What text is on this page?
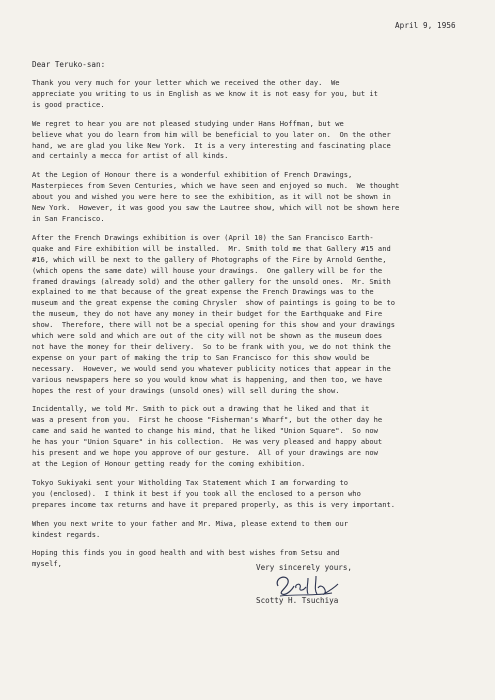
April 9, 1956
Dear Teruko-san:

Thank you very much for your letter which we received the other day.  We
appreciate you writing to us in English as we know it is not easy for you, but it
is good practice.

We regret to hear you are not pleased studying under Hans Hoffman, but we
believe what you do learn from him will be beneficial to you later on.  On the other
hand, we are glad you like New York.  It is a very interesting and fascinating place
and certainly a mecca for artist of all kinds.

At the Legion of Honour there is a wonderful exhibition of French Drawings,
Masterpieces from Seven Centuries, which we have seen and enjoyed so much.  We thought
about you and wished you were here to see the exhibition, as it will not be shown in
New York.  However, it was good you saw the Lautree show, which will not be shown here
in San Francisco.

After the French Drawings exhibition is over (April 10) the San Francisco Earth-
quake and Fire exhibition will be installed.  Mr. Smith told me that Gallery #15 and
#16, which will be next to the gallery of Photographs of the Fire by Arnold Genthe,
(which opens the same date) will house your drawings.  One gallery will be for the
framed drawings (already sold) and the other gallery for the unsold ones.  Mr. Smith
explained to me that because of the great expense the French Drawings was to the
museum and the great expense the coming Chrysler  show of paintings is going to be to
the museum, they do not have any money in their budget for the Earthquake and Fire
show.  Therefore, there will not be a special opening for this show and your drawings
which were sold and which are out of the city will not be shown as the museum does
not have the money for their delivery.  So to be frank with you, we do not think the
expense on your part of making the trip to San Francisco for this show would be
necessary.  However, we would send you whatever publicity notices that appear in the
various newspapers here so you would know what is happening, and then too, we have
hopes the rest of your drawings (unsold ones) will sell during the show.

Incidentally, we told Mr. Smith to pick out a drawing that he liked and that it
was a present from you.  First he choose "Fisherman's Wharf", but the other day he
came and said he wanted to change his mind, that he liked "Union Square".  So now
he has your "Union Square" in his collection.  He was very pleased and happy about
his present and we hope you approve of our gesture.  All of your drawings are now
at the Legion of Honour getting ready for the coming exhibition.

Tokyo Sukiyaki sent your Witholding Tax Statement which I am forwarding to
you (enclosed).  I think it best if you took all the enclosed to a person who
prepares income tax returns and have it prepared properly, as this is very important.

When you next write to your father and Mr. Miwa, please extend to them our
kindest regards.

Hoping this finds you in good health and with best wishes from Setsu and
myself,	Very sincerely yours,
Scotty H. Tsuchiya
